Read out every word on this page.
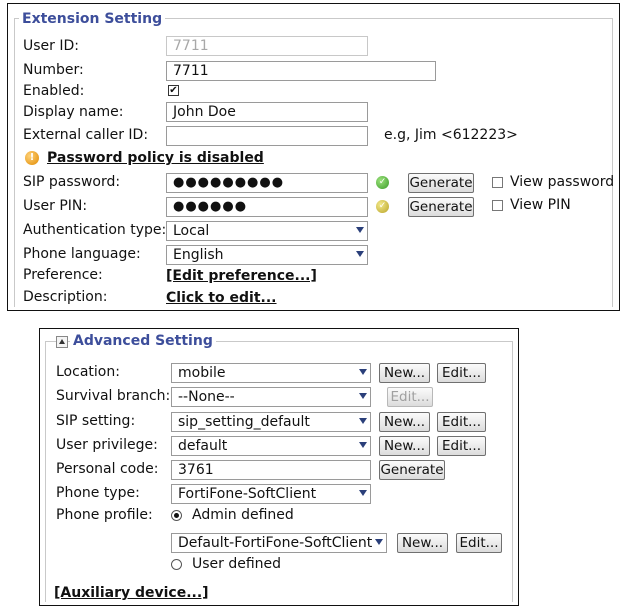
Extension Setting
User ID:	7711
Number:	7711
Enabled:	✔
Display name:	John Doe
External caller ID:	e.g, Jim <612223>
! Password policy is disabled
SIP password:	●●●●●●●●●	✓ Generate	View password
User PIN:	●●●●●●	✓ Generate	View PIN
Authentication type: Local
Phone language:	English
Preference:	[Edit preference...]
Description:	Click to edit...
Advanced Setting
Location:	mobile	New...	Edit...
Survival branch: --None--	Edit...
SIP setting:	sip_setting_default	New...	Edit...
User privilege:	default	New...	Edit...
Personal code:	3761	Generate
Phone type:	FortiFone-SoftClient
Phone profile:	Admin defined
Default-FortiFone-SoftClient	New...	Edit...
User defined
[Auxiliary device...]
